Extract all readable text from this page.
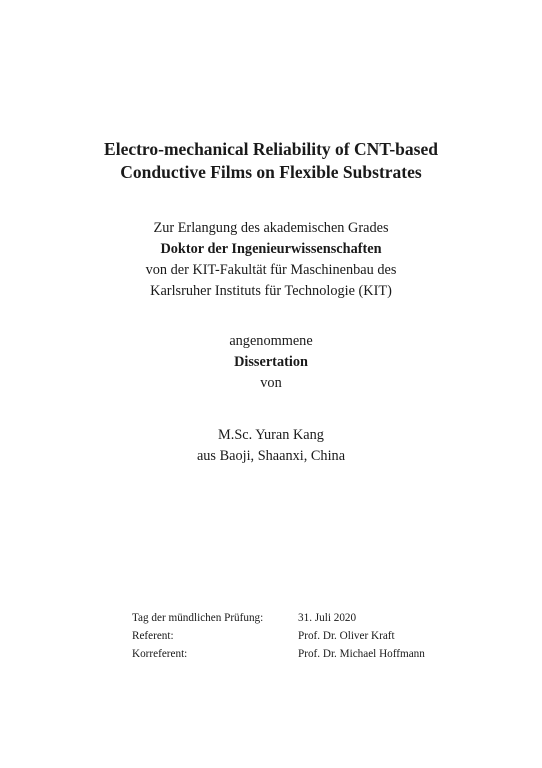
Electro-mechanical Reliability of CNT-based
Conductive Films on Flexible Substrates
Zur Erlangung des akademischen Grades
Doktor der Ingenieurwissenschaften
von der KIT-Fakultät für Maschinenbau des
Karlsruher Instituts für Technologie (KIT)
angenommene
Dissertation
von
M.Sc. Yuran Kang
aus Baoji, Shaanxi, China
Tag der mündlichen Prüfung:	31. Juli 2020
Referent:	Prof. Dr. Oliver Kraft
Korreferent:	Prof. Dr. Michael Hoffmann
